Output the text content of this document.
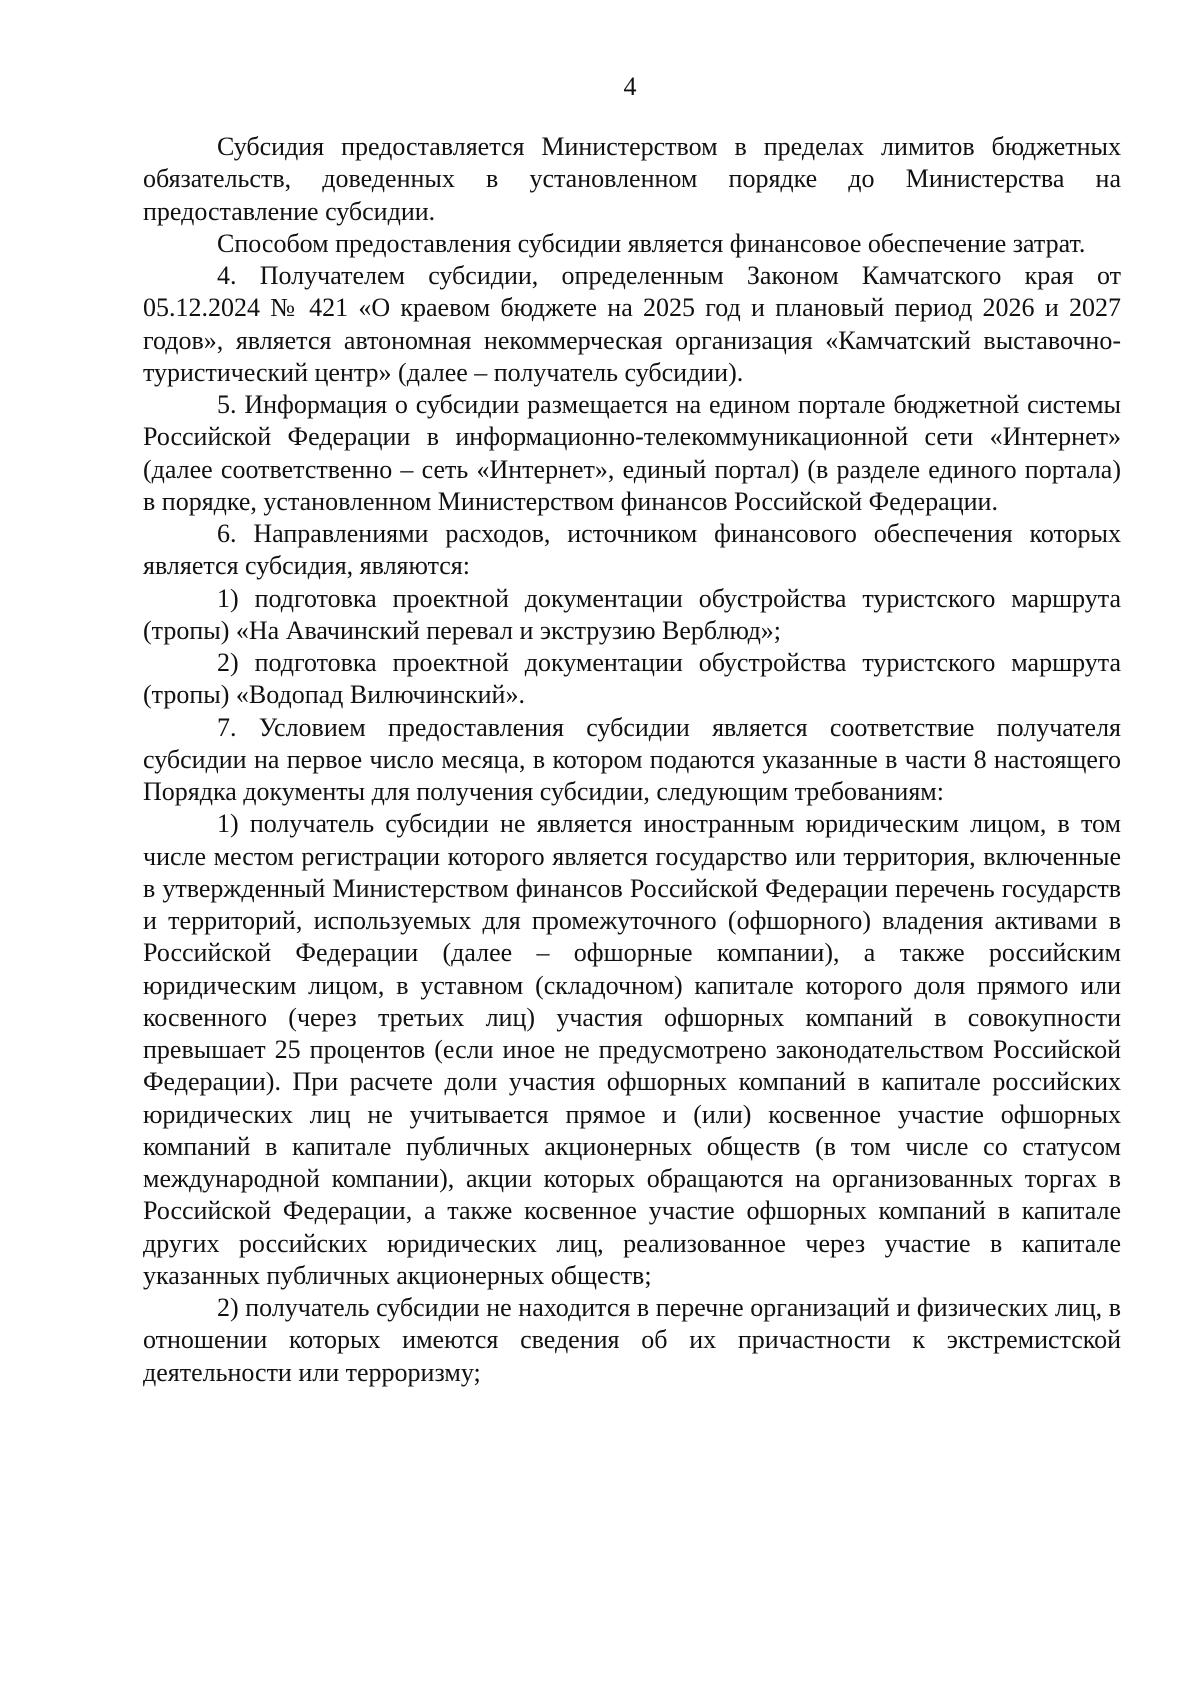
4

Субсидия предоставляется Министерством в пределах лимитов бюджетных обязательств, доведенных в установленном порядке до Министерства на предоставление субсидии.

Способом предоставления субсидии является финансовое обеспечение затрат.

4. Получателем субсидии, определенным Законом Камчатского края от 05.12.2024 № 421 «О краевом бюджете на 2025 год и плановый период 2026 и 2027 годов», является автономная некоммерческая организация «Камчатский выставочно-туристический центр» (далее – получатель субсидии).

5. Информация о субсидии размещается на едином портале бюджетной системы Российской Федерации в информационно-телекоммуникационной сети «Интернет» (далее соответственно – сеть «Интернет», единый портал) (в разделе единого портала) в порядке, установленном Министерством финансов Российской Федерации.

6. Направлениями расходов, источником финансового обеспечения которых является субсидия, являются:

1) подготовка проектной документации обустройства туристского маршрута (тропы) «На Авачинский перевал и экструзию Верблюд»;

2) подготовка проектной документации обустройства туристского маршрута (тропы) «Водопад Вилючинский».

7. Условием предоставления субсидии является соответствие получателя субсидии на первое число месяца, в котором подаются указанные в части 8 настоящего Порядка документы для получения субсидии, следующим требованиям:

1) получатель субсидии не является иностранным юридическим лицом, в том числе местом регистрации которого является государство или территория, включенные в утвержденный Министерством финансов Российской Федерации перечень государств и территорий, используемых для промежуточного (офшорного) владения активами в Российской Федерации (далее – офшорные компании), а также российским юридическим лицом, в уставном (складочном) капитале которого доля прямого или косвенного (через третьих лиц) участия офшорных компаний в совокупности превышает 25 процентов (если иное не предусмотрено законодательством Российской Федерации). При расчете доли участия офшорных компаний в капитале российских юридических лиц не учитывается прямое и (или) косвенное участие офшорных компаний в капитале публичных акционерных обществ (в том числе со статусом международной компании), акции которых обращаются на организованных торгах в Российской Федерации, а также косвенное участие офшорных компаний в капитале других российских юридических лиц, реализованное через участие в капитале указанных публичных акционерных обществ;

2) получатель субсидии не находится в перечне организаций и физических лиц, в отношении которых имеются сведения об их причастности к экстремистской деятельности или терроризму;
